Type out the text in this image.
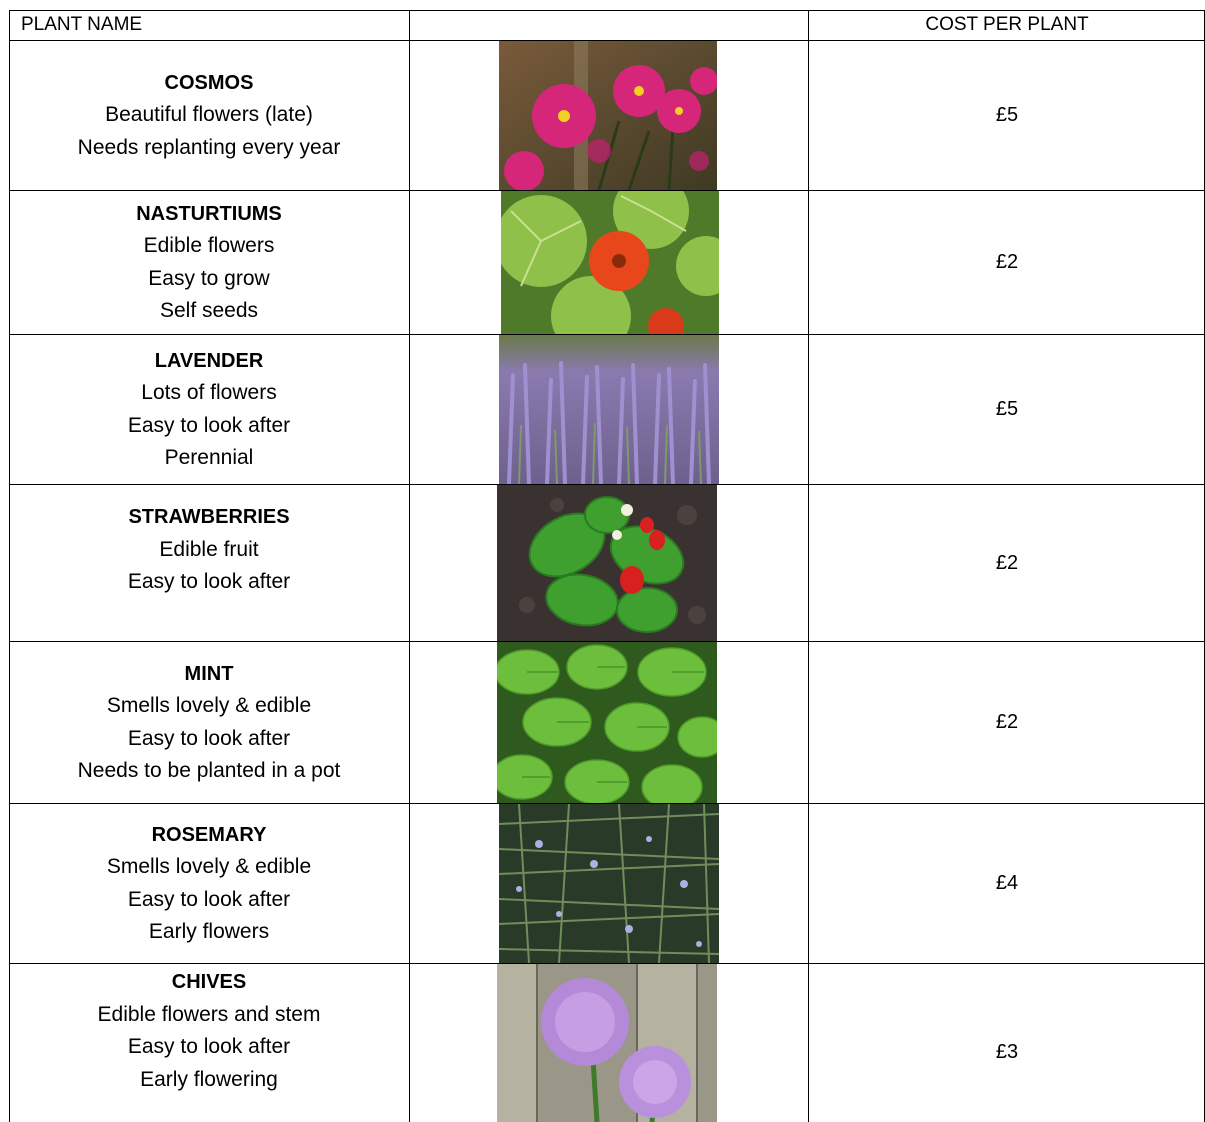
PLANT NAME	COST PER PLANT
COSMOS
Beautiful flowers (late)
Needs replanting every year
£5
NASTURTIUMS
Edible flowers
Easy to grow
Self seeds
£2
LAVENDER
Lots of flowers
Easy to look after
Perennial
£5
STRAWBERRIES
Edible fruit
Easy to look after
£2
MINT
Smells lovely & edible
Easy to look after
Needs to be planted in a pot
£2
ROSEMARY
Smells lovely & edible
Easy to look after
Early flowers
£4
CHIVES
Edible flowers and stem
Easy to look after
Early flowering
£3
